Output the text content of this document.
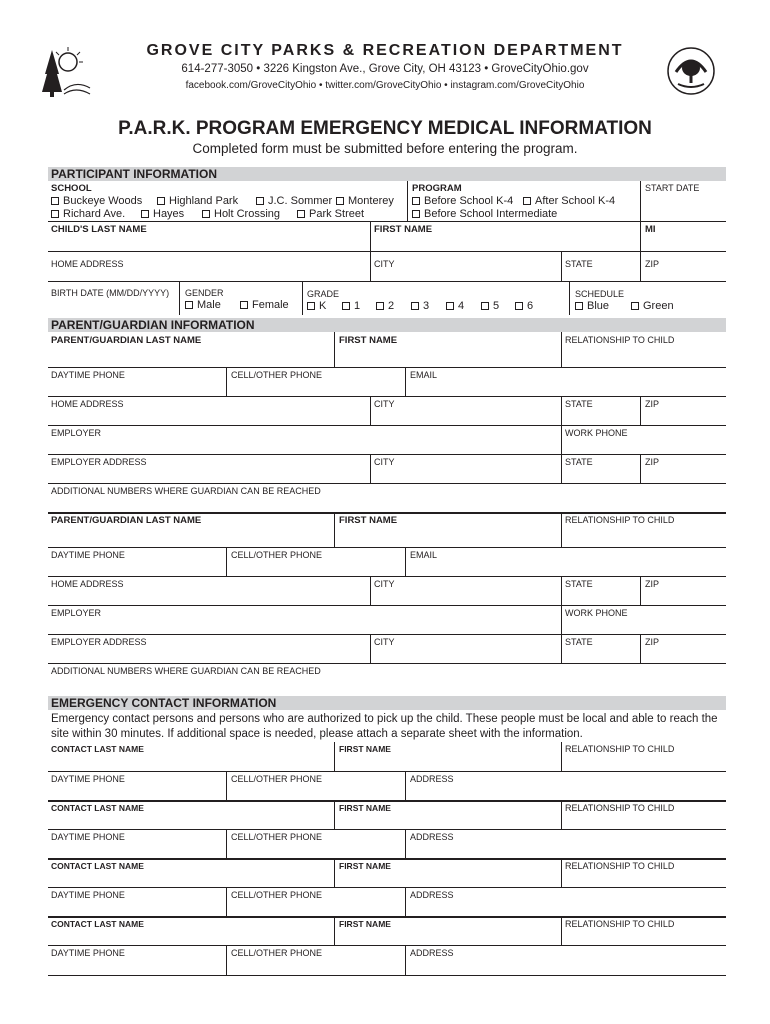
GROVE CITY PARKS & RECREATION DEPARTMENT
614-277-3050 • 3226 Kingston Ave., Grove City, OH 43123 • GroveCityOhio.gov
facebook.com/GroveCityOhio • twitter.com/GroveCityOhio • instagram.com/GroveCityOhio
P.A.R.K. PROGRAM EMERGENCY MEDICAL INFORMATION
Completed form must be submitted before entering the program.
PARTICIPANT INFORMATION
SCHOOL
Buckeye Woods	Highland Park	J.C. Sommer	Monterey
Richard Ave.	Hayes	Holt Crossing	Park Street
PROGRAM
Before School K-4	After School K-4
Before School Intermediate
START DATE
CHILD'S LAST NAME	FIRST NAME	MI
HOME ADDRESS	CITY	STATE	ZIP
BIRTH DATE (MM/DD/YYYY) GENDER
Male	Female
GRADE
K	1	2	3	4	5	6
SCHEDULE
Blue	Green
PARENT/GUARDIAN INFORMATION
PARENT/GUARDIAN LAST NAME	FIRST NAME	RELATIONSHIP TO CHILD
DAYTIME PHONE	CELL/OTHER PHONE	EMAIL
HOME ADDRESS	CITY	STATE	ZIP
EMPLOYER	WORK PHONE
EMPLOYER ADDRESS	CITY	STATE	ZIP
ADDITIONAL NUMBERS WHERE GUARDIAN CAN BE REACHED
PARENT/GUARDIAN LAST NAME	FIRST NAME	RELATIONSHIP TO CHILD
DAYTIME PHONE	CELL/OTHER PHONE	EMAIL
HOME ADDRESS	CITY	STATE	ZIP
EMPLOYER	WORK PHONE
EMPLOYER ADDRESS	CITY	STATE	ZIP
ADDITIONAL NUMBERS WHERE GUARDIAN CAN BE REACHED
EMERGENCY CONTACT INFORMATION
Emergency contact persons and persons who are authorized to pick up the child. These people must be local and able to reach the site within 30 minutes. If additional space is needed, please attach a separate sheet with the information.
CONTACT LAST NAME	FIRST NAME	RELATIONSHIP TO CHILD
DAYTIME PHONE	CELL/OTHER PHONE	ADDRESS
CONTACT LAST NAME	FIRST NAME	RELATIONSHIP TO CHILD
DAYTIME PHONE	CELL/OTHER PHONE	ADDRESS
CONTACT LAST NAME	FIRST NAME	RELATIONSHIP TO CHILD
DAYTIME PHONE	CELL/OTHER PHONE	ADDRESS
CONTACT LAST NAME	FIRST NAME	RELATIONSHIP TO CHILD
DAYTIME PHONE	CELL/OTHER PHONE	ADDRESS
